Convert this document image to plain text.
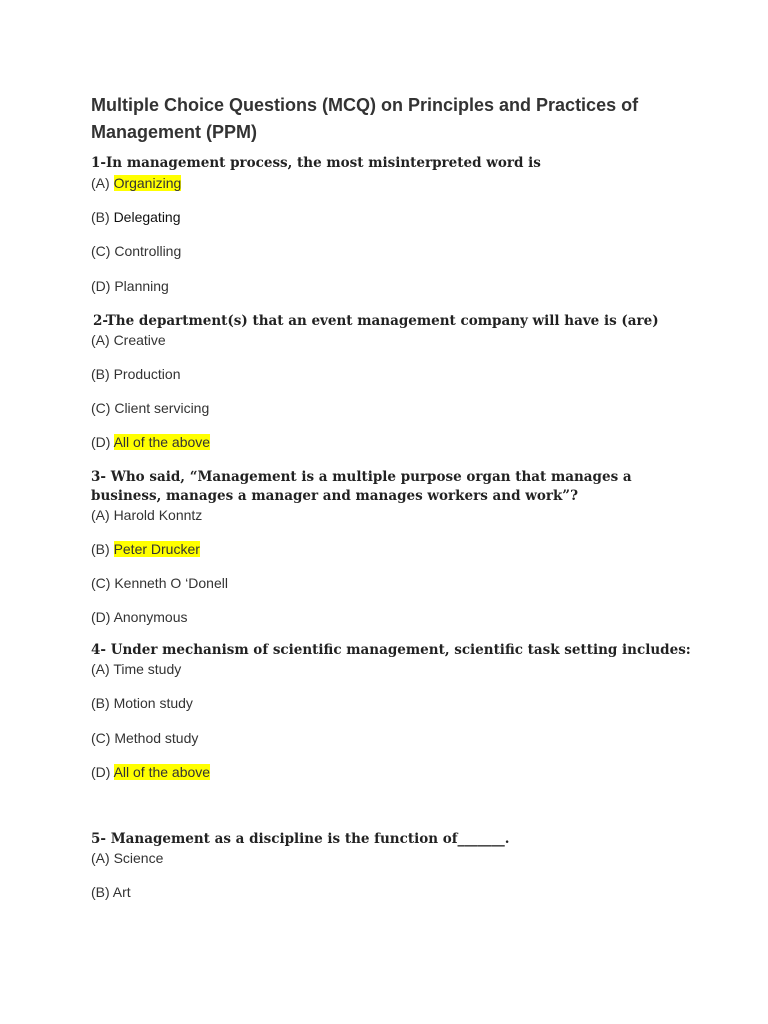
Multiple Choice Questions (MCQ) on Principles and Practices of Management (PPM)

1-In management process, the most misinterpreted word is

(A) Organizing

(B) Delegating

(C) Controlling

(D) Planning

2-The department(s) that an event management company will have is (are)

(A) Creative

(B) Production

(C) Client servicing

(D) All of the above

3- Who said, “Management is a multiple purpose organ that manages a business, manages a manager and manages workers and work”?

(A) Harold Konntz

(B) Peter Drucker

(C) Kenneth O ‘Donell

(D) Anonymous

4- Under mechanism of scientific management, scientific task setting includes:

(A) Time study

(B) Motion study

(C) Method study

(D) All of the above

5- Management as a discipline is the function of_______.

(A) Science

(B) Art
